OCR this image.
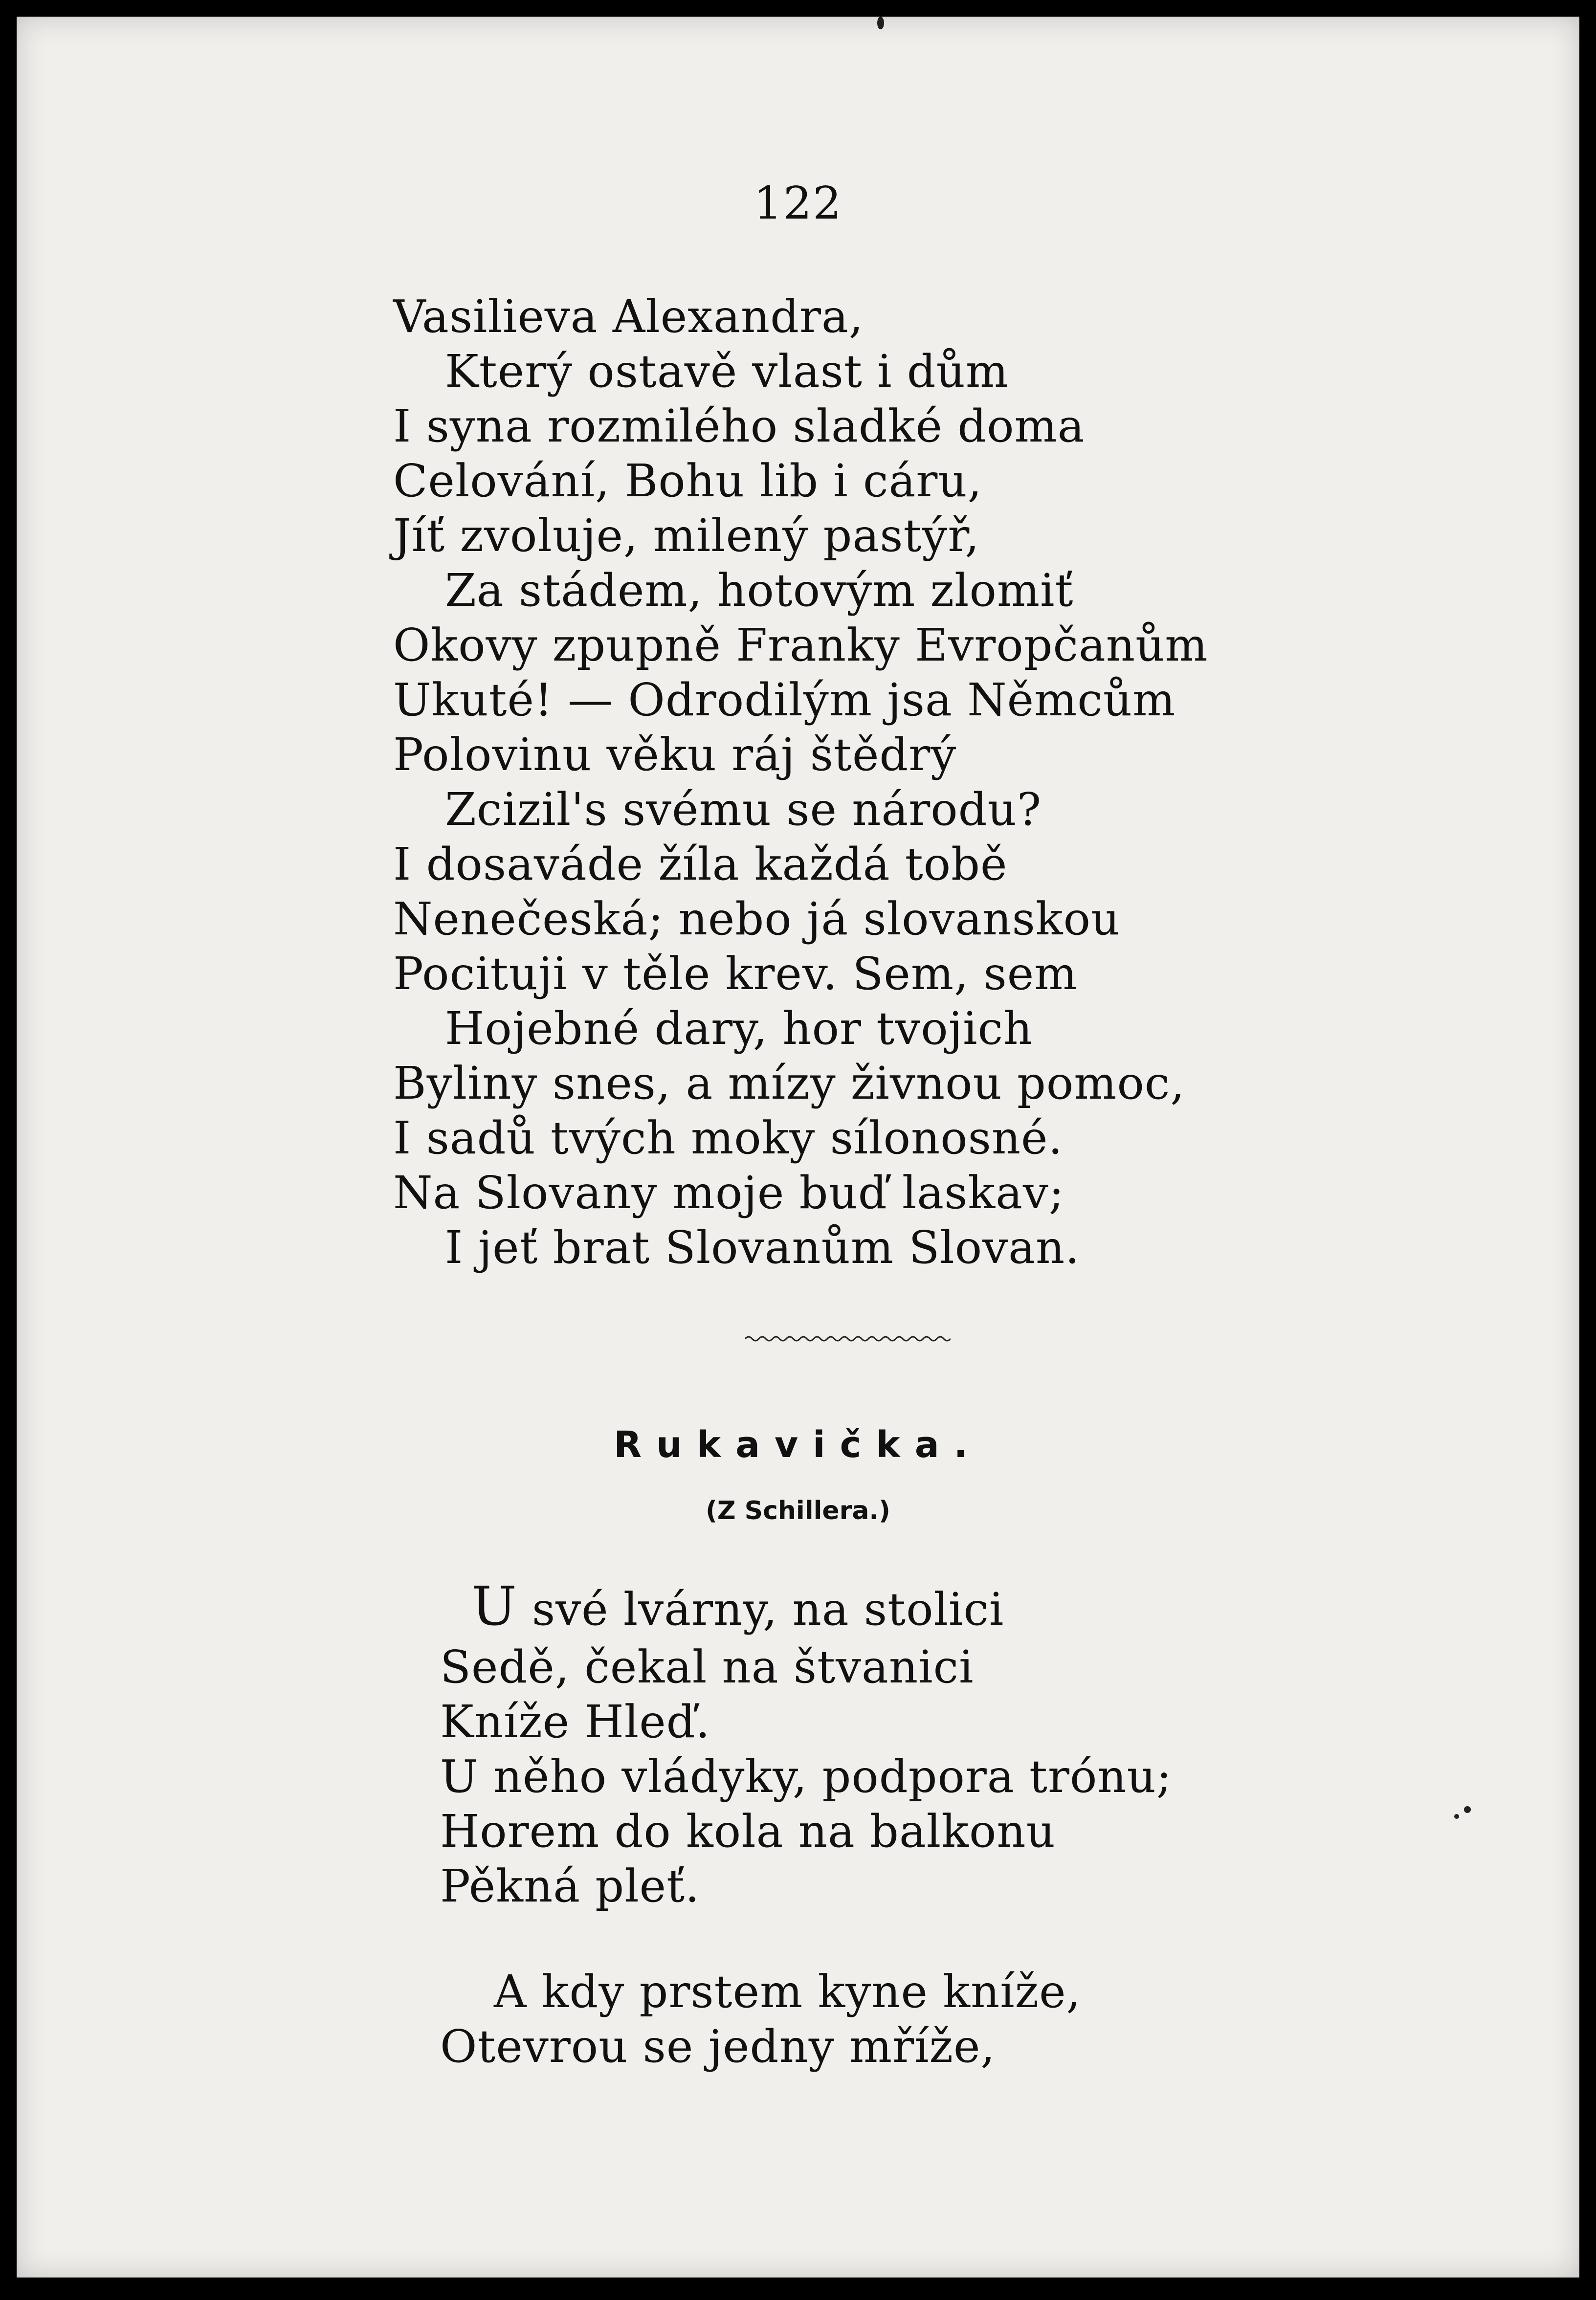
122
Vasilieva Alexandra,
Který ostavě vlast i dům
I syna rozmilého sladké doma
Celování, Bohu lib i cáru,
Jíť zvoluje, milený pastýř,
Za stádem, hotovým zlomiť
Okovy zpupně Franky Evropčanům
Ukuté! — Odrodilým jsa Němcům
Polovinu věku ráj štědrý
Zcizil's svému se národu?
I dosaváde žíla každá tobě
Nenečeská; nebo já slovanskou
Pocituji v těle krev. Sem, sem
Hojebné dary, hor tvojich
Byliny snes, a mízy živnou pomoc,
I sadů tvých moky sílonosné.
Na Slovany moje buď laskav;
I jeť brat Slovanům Slovan.
Rukavička.
(Z Schillera.)
U své lvárny, na stolici
Sedě, čekal na štvanici
Kníže Hleď.
U něho vládyky, podpora trónu;
Horem do kola na balkonu
Pěkná pleť.
A kdy prstem kyne kníže,
Otevrou se jedny mříže,
